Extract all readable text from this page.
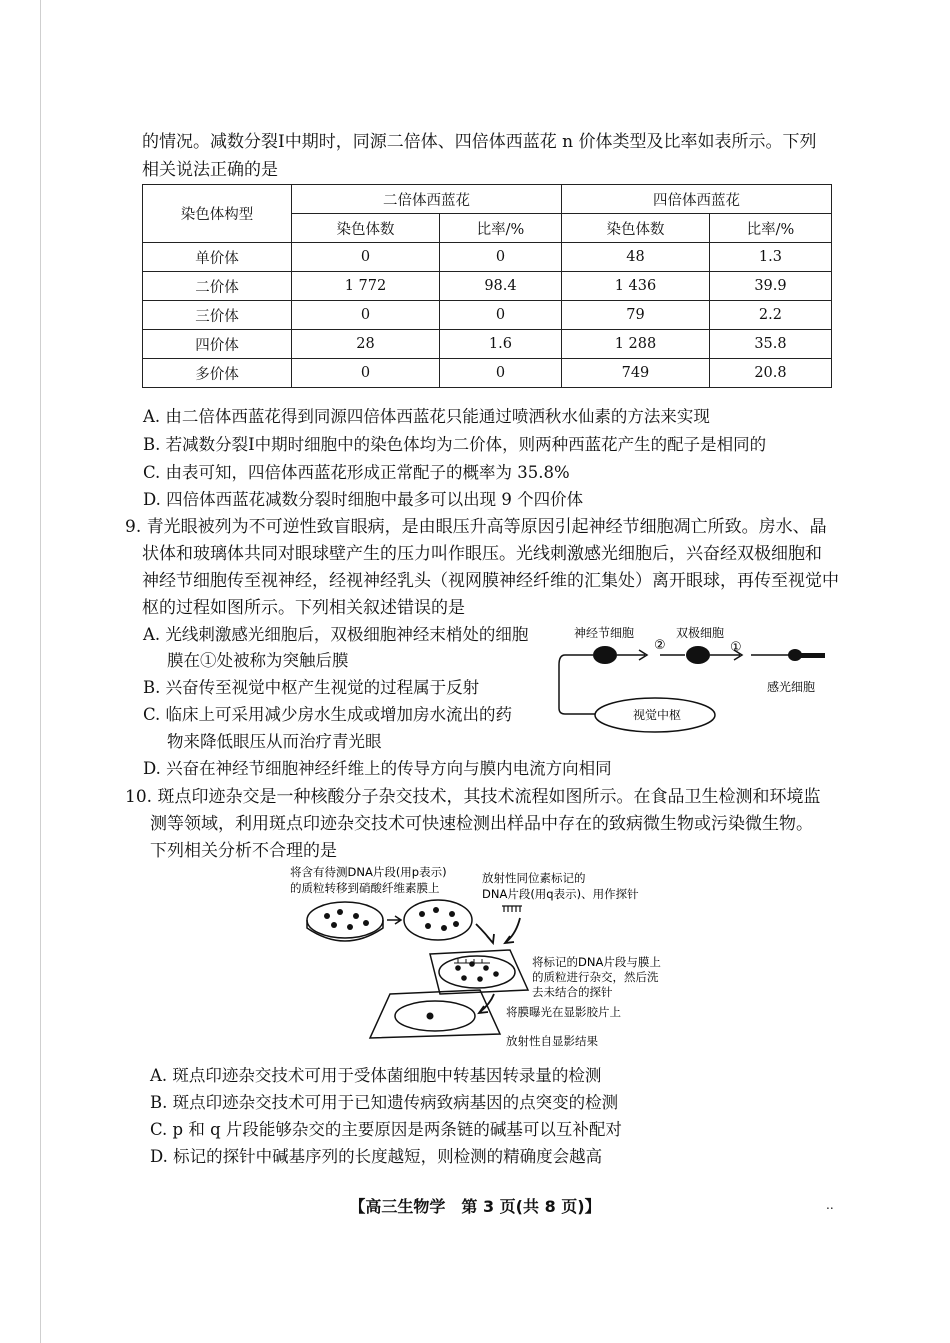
的情况。减数分裂Ⅰ中期时，同源二倍体、四倍体西蓝花 n 价体类型及比率如表所示。下列
相关说法正确的是
染色体构型	二倍体西蓝花		四倍体西蓝花	
	染色体数	比率/%	染色体数	比率/%
单价体	0	0	48	1.3
二价体	1 772	98.4	1 436	39.9
三价体	0	0	79	2.2
四价体	28	1.6	1 288	35.8
多价体	0	0	749	20.8
A. 由二倍体西蓝花得到同源四倍体西蓝花只能通过喷洒秋水仙素的方法来实现
B. 若减数分裂Ⅰ中期时细胞中的染色体均为二价体，则两种西蓝花产生的配子是相同的
C. 由表可知，四倍体西蓝花形成正常配子的概率为 35.8%
D. 四倍体西蓝花减数分裂时细胞中最多可以出现 9 个四价体
9. 青光眼被列为不可逆性致盲眼病，是由眼压升高等原因引起神经节细胞凋亡所致。房水、晶
状体和玻璃体共同对眼球壁产生的压力叫作眼压。光线刺激感光细胞后，兴奋经双极细胞和
神经节细胞传至视神经，经视神经乳头（视网膜神经纤维的汇集处）离开眼球，再传至视觉中
枢的过程如图所示。下列相关叙述错误的是
A. 光线刺激感光细胞后，双极细胞神经末梢处的细胞
膜在①处被称为突触后膜
B. 兴奋传至视觉中枢产生视觉的过程属于反射
C. 临床上可采用减少房水生成或增加房水流出的药
物来降低眼压从而治疗青光眼
D. 兴奋在神经节细胞神经纤维上的传导方向与膜内电流方向相同
神经节细胞
②
双极细胞
①
感光细胞
视觉中枢
10. 斑点印迹杂交是一种核酸分子杂交技术，其技术流程如图所示。在食品卫生检测和环境监
测等领域，利用斑点印迹杂交技术可快速检测出样品中存在的致病微生物或污染微生物。
下列相关分析不合理的是
将含有待测DNA片段(用p表示)
的质粒转移到硝酸纤维素膜上
放射性同位素标记的
DNA片段(用q表示)、用作探针
将标记的DNA片段与膜上
的质粒进行杂交，然后洗
去未结合的探针
将膜曝光在显影胶片上
放射性自显影结果
A. 斑点印迹杂交技术可用于受体菌细胞中转基因转录量的检测
B. 斑点印迹杂交技术可用于已知遗传病致病基因的点突变的检测
C. p 和 q 片段能够杂交的主要原因是两条链的碱基可以互补配对
D. 标记的探针中碱基序列的长度越短，则检测的精确度会越高
【高三生物学　第 3 页(共 8 页)】	..
